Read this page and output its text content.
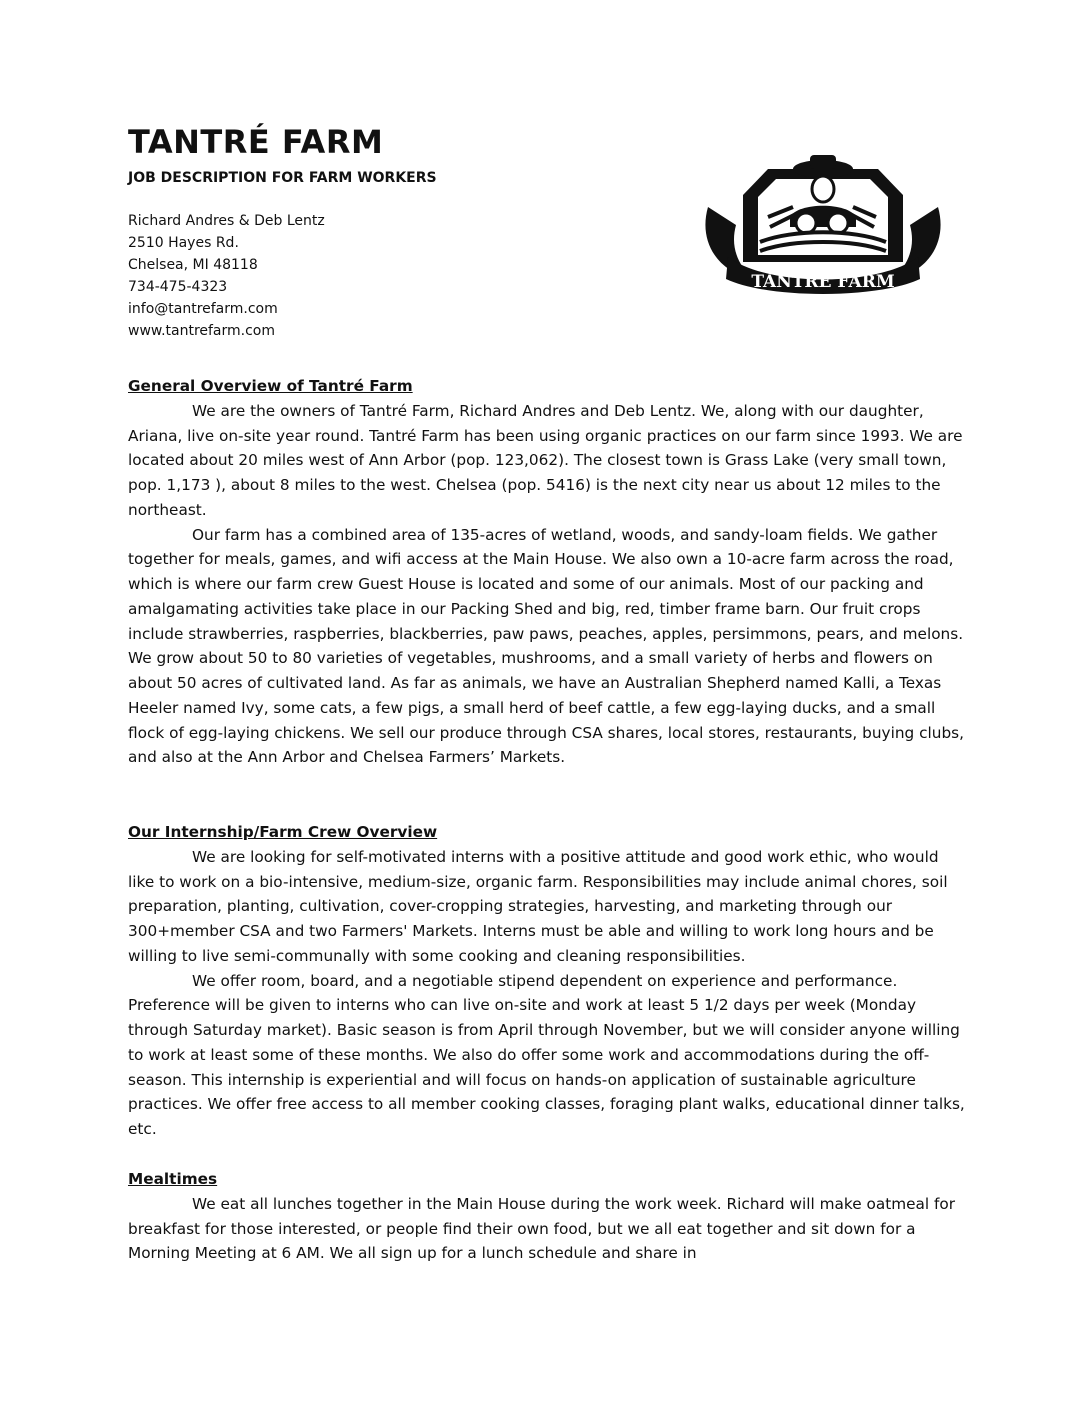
TANTRÉ FARM
TANTRÉ FARM
JOB DESCRIPTION FOR FARM WORKERS
Richard Andres & Deb Lentz
2510 Hayes Rd.
Chelsea, MI 48118
734-475-4323
info@tantrefarm.com
www.tantrefarm.com
General Overview of Tantré Farm

We are the owners of Tantré Farm, Richard Andres and Deb Lentz. We, along with our daughter, Ariana, live on-site year round. Tantré Farm has been using organic practices on our farm since 1993. We are located about 20 miles west of Ann Arbor (pop. 123,062). The closest town is Grass Lake (very small town, pop. 1,173 ), about 8 miles to the west. Chelsea (pop. 5416) is the next city near us about 12 miles to the northeast.

Our farm has a combined area of 135-acres of wetland, woods, and sandy-loam fields. We gather together for meals, games, and wifi access at the Main House. We also own a 10-acre farm across the road, which is where our farm crew Guest House is located and some of our animals. Most of our packing and amalgamating activities take place in our Packing Shed and big, red, timber frame barn. Our fruit crops include strawberries, raspberries, blackberries, paw paws, peaches, apples, persimmons, pears, and melons. We grow about 50 to 80 varieties of vegetables, mushrooms, and a small variety of herbs and flowers on about 50 acres of cultivated land. As far as animals, we have an Australian Shepherd named Kalli, a Texas Heeler named Ivy, some cats, a few pigs, a small herd of beef cattle, a few egg-laying ducks, and a small flock of egg-laying chickens. We sell our produce through CSA shares, local stores, restaurants, buying clubs, and also at the Ann Arbor and Chelsea Farmers’ Markets.

Our Internship/Farm Crew Overview

We are looking for self-motivated interns with a positive attitude and good work ethic, who would like to work on a bio-intensive, medium-size, organic farm. Responsibilities may include animal chores, soil preparation, planting, cultivation, cover-cropping strategies, harvesting, and marketing through our 300+member CSA and two Farmers' Markets. Interns must be able and willing to work long hours and be willing to live semi-communally with some cooking and cleaning responsibilities.

We offer room, board, and a negotiable stipend dependent on experience and performance. Preference will be given to interns who can live on-site and work at least 5 1/2 days per week (Monday through Saturday market). Basic season is from April through November, but we will consider anyone willing to work at least some of these months. We also do offer some work and accommodations during the off-season. This internship is experiential and will focus on hands-on application of sustainable agriculture practices. We offer free access to all member cooking classes, foraging plant walks, educational dinner talks, etc.

Mealtimes

We eat all lunches together in the Main House during the work week. Richard will make oatmeal for breakfast for those interested, or people find their own food, but we all eat together and sit down for a Morning Meeting at 6 AM. We all sign up for a lunch schedule and share in
